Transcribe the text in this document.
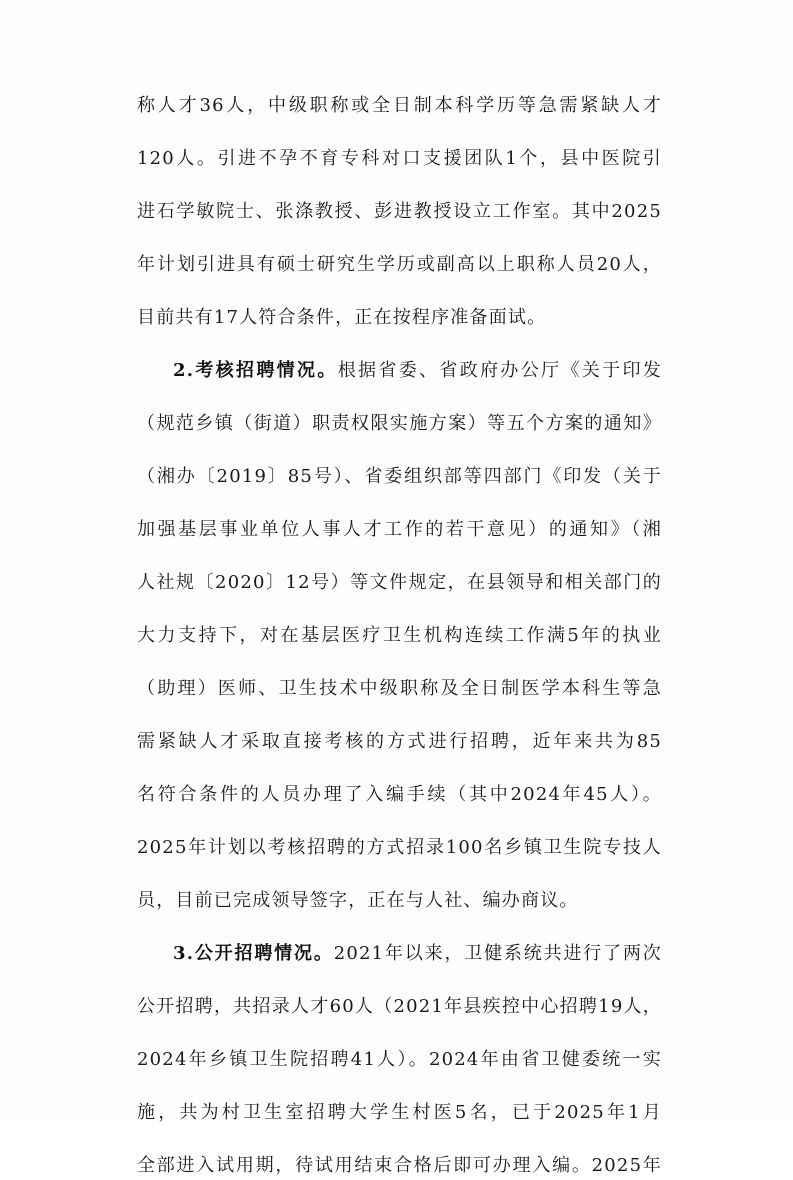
称人才36人，中级职称或全日制本科学历等急需紧缺人才
120人。引进不孕不育专科对口支援团队1个，县中医院引
进石学敏院士、张涤教授、彭进教授设立工作室。其中2025
年计划引进具有硕士研究生学历或副高以上职称人员20人，
目前共有17人符合条件，正在按程序准备面试。
2.考核招聘情况。根据省委、省政府办公厅《关于印发
（规范乡镇（街道）职责权限实施方案）等五个方案的通知》
（湘办〔2019〕85号）、省委组织部等四部门《印发（关于
加强基层事业单位人事人才工作的若干意见）的通知》（湘
人社规〔2020〕12号）等文件规定，在县领导和相关部门的
大力支持下，对在基层医疗卫生机构连续工作满5年的执业
（助理）医师、卫生技术中级职称及全日制医学本科生等急
需紧缺人才采取直接考核的方式进行招聘，近年来共为85
名符合条件的人员办理了入编手续（其中2024年45人）。
2025年计划以考核招聘的方式招录100名乡镇卫生院专技人
员，目前已完成领导签字，正在与人社、编办商议。
3.公开招聘情况。2021年以来，卫健系统共进行了两次
公开招聘，共招录人才60人（2021年县疾控中心招聘19人，
2024年乡镇卫生院招聘41人）。2024年由省卫健委统一实
施，共为村卫生室招聘大学生村医5名，已于2025年1月
全部进入试用期，待试用结束合格后即可办理入编。2025年
